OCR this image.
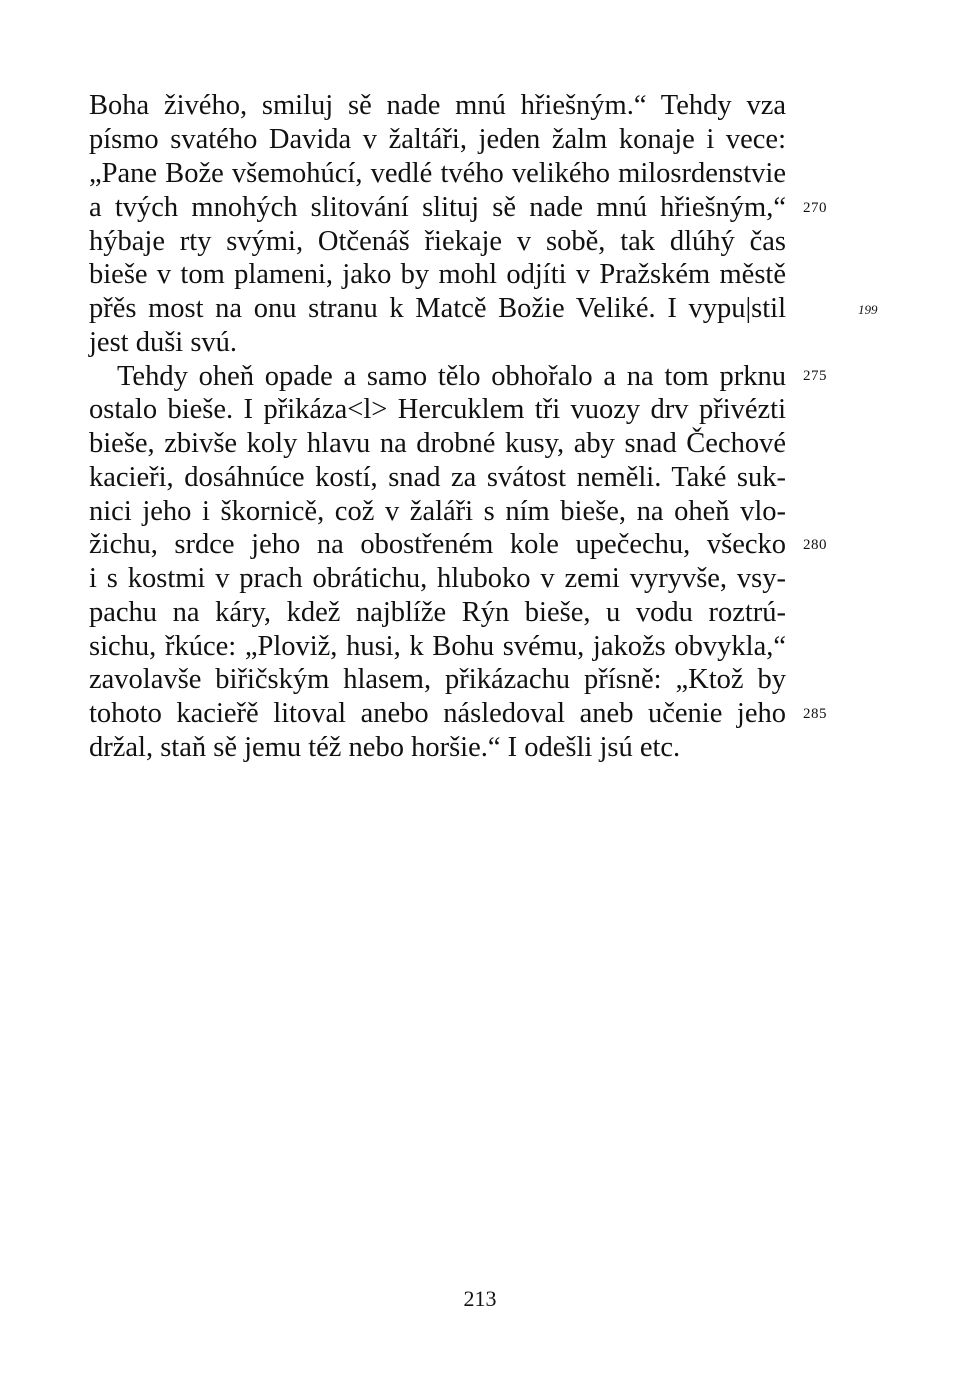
Boha živého, smiluj sě nade mnú hřiešným.“ Tehdy vza
písmo svatého Davida v žaltáři, jeden žalm konaje i vece:
„Pane Bože všemohúcí, vedlé tvého velikého milosrdenstvie
a tvých mnohých slitování slituj sě nade mnú hřiešným,“
hýbaje rty svými, Otčenáš řiekaje v sobě, tak dlúhý čas
bieše v tom plameni, jako by mohl odjíti v Pražském městě
přěs most na onu stranu k Matcě Božie Veliké. I vypu|stil
jest duši svú.
Tehdy oheň opade a samo tělo obhořalo a na tom prknu
ostalo bieše. I přikáza<l> Hercuklem tři vuozy drv přivézti
bieše, zbivše koly hlavu na drobné kusy, aby snad Čechové
kacieři, dosáhnúce kostí, snad za svátost neměli. Také suk-
nici jeho i škornicě, což v žaláři s ním bieše, na oheň vlo-
žichu, srdce jeho na obostřeném kole upečechu, všecko
i s kostmi v prach obrátichu, hluboko v zemi vyryvše, vsy-
pachu na káry, kdež najblíže Rýn bieše, u vodu roztrú-
sichu, řkúce: „Ploviž, husi, k Bohu svému, jakožs obvykla,“
zavolavše biřičským hlasem, přikázachu přísně: „Ktož by
tohoto kacieřě litoval anebo následoval aneb učenie jeho
držal, staň sě jemu též nebo horšie.“ I odešli jsú etc.
270
199
275
280
285
213
